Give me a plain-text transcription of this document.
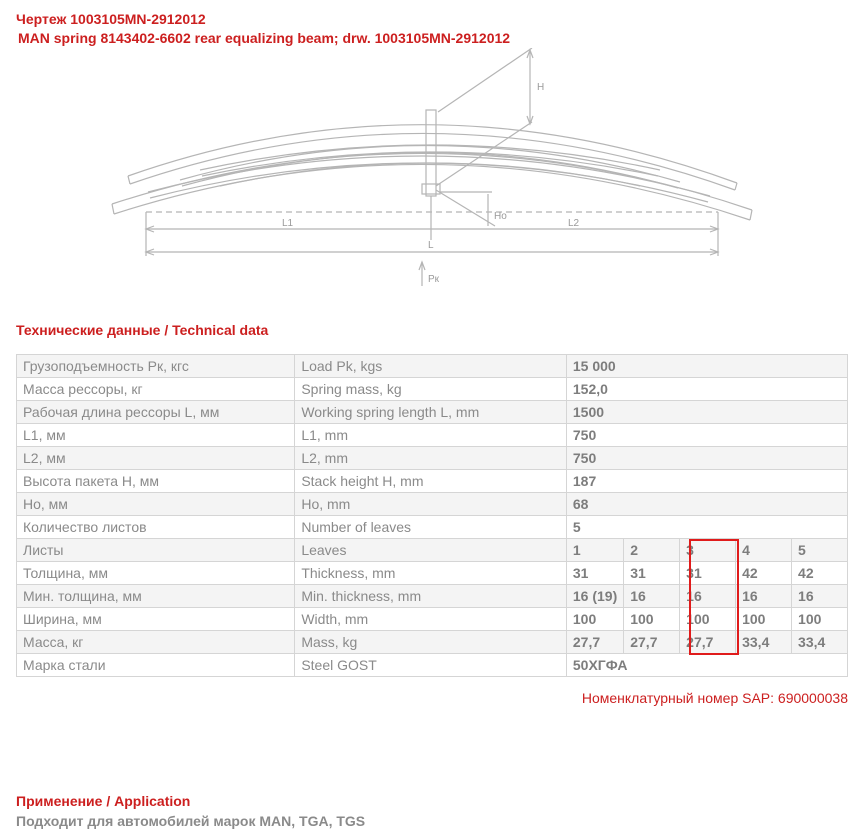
Чертеж 1003105MN-2912012
MAN spring 8143402-6602 rear equalizing beam; drw. 1003105MN-2912012
H
Ho
L1	L2
L
Pк
Технические данные / Technical data
Грузоподъемность Рк, кгс	Load Pk, kgs	15 000				
Масса рессоры, кг	Spring mass, kg	152,0				
Рабочая длина рессоры L, мм	Working spring length L, mm	1500				
L1, мм	L1, mm	750				
L2, мм	L2, mm	750				
Высота пакета H, мм	Stack height H, mm	187				
Ho, мм	Ho, mm	68				
Количество листов	Number of leaves	5				
Листы	Leaves	1	2	3	4	5
Толщина, мм	Thickness, mm	31	31	31	42	42
Мин. толщина, мм	Min. thickness, mm	16 (19)	16	16	16	16
Ширина, мм	Width, mm	100	100	100	100	100
Масса, кг	Mass, kg	27,7	27,7	27,7	33,4	33,4
Марка стали	Steel GOST	50ХГФА				
Номенклатурный номер SAP: 690000038
Применение / Application
Подходит для автомобилей марок MAN, TGA, TGS
